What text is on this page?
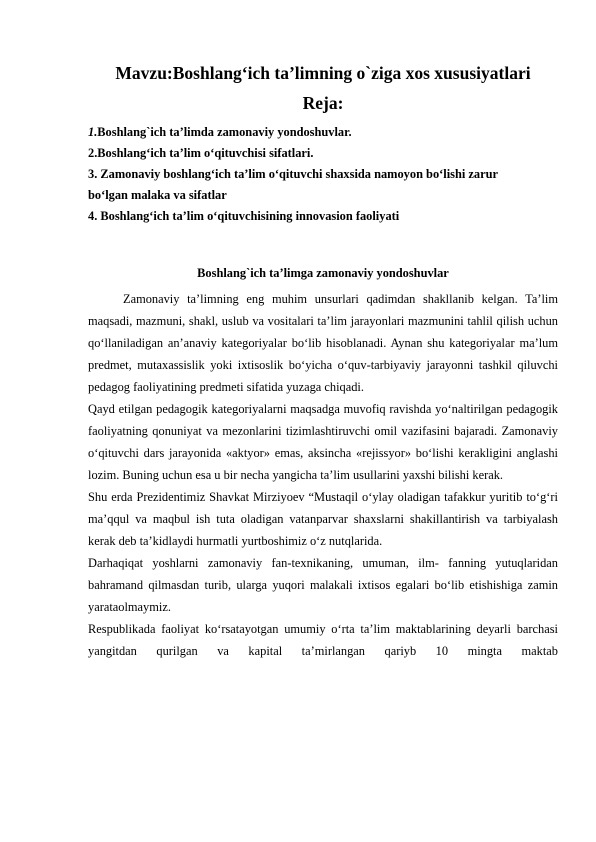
Mavzu:Boshlang‘ich ta’limning o`ziga xos xususiyatlari
Reja:
1.Boshlang`ich ta’limda zamonaviy yondoshuvlar.
2.Boshlang‘ich ta’lim o‘qituvchisi sifatlari.
3. Zamonaviy boshlang‘ich ta’lim o‘qituvchi shaxsida namoyon bo‘lishi zarur
bo‘lgan malaka va sifatlar
4. Boshlang‘ich ta’lim o‘qituvchisining innovasion faoliyati
Boshlang`ich ta’limga zamonaviy yondoshuvlar

Zamonaviy ta’limning eng muhim unsurlari qadimdan shakllanib kelgan. Ta’lim maqsadi, mazmuni, shakl, uslub va vositalari ta’lim jarayonlari mazmunini tahlil qilish uchun qo‘llaniladigan an’anaviy kategoriyalar bo‘lib hisoblanadi. Aynan shu kategoriyalar ma’lum predmet, mutaxassislik yoki ixtisoslik bo‘yicha o‘quv-tarbiyaviy jarayonni tashkil qiluvchi pedagog faoliyatining predmeti sifatida yuzaga chiqadi.

Qayd etilgan pedagogik kategoriyalarni maqsadga muvofiq ravishda yo‘naltirilgan pedagogik faoliyatning qonuniyat va mezonlarini tizimlashtiruvchi omil vazifasini bajaradi. Zamonaviy o‘qituvchi dars jarayonida «aktyor» emas, aksincha «rejissyor» bo‘lishi kerakligini anglashi lozim. Buning uchun esa u bir necha yangicha ta’lim usullarini yaxshi bilishi kerak.

Shu erda Prezidentimiz Shavkat Mirziyoev “Mustaqil o‘ylay oladigan tafakkur yuritib to‘g‘ri ma’qqul va maqbul ish tuta oladigan vatanparvar shaxslarni shakillantirish va tarbiyalash kerak deb ta’kidlaydi hurmatli yurtboshimiz o‘z nutqlarida.

Darhaqiqat yoshlarni zamonaviy fan-texnikaning, umuman, ilm- fanning yutuqlaridan bahramand qilmasdan turib, ularga yuqori malakali ixtisos egalari bo‘lib etishishiga zamin yarataolmaymiz.

Respublikada faoliyat ko‘rsatayotgan umumiy o‘rta ta’lim maktablarining deyarli barchasi yangitdan qurilgan va kapital ta’mirlangan qariyb 10 mingta maktab
